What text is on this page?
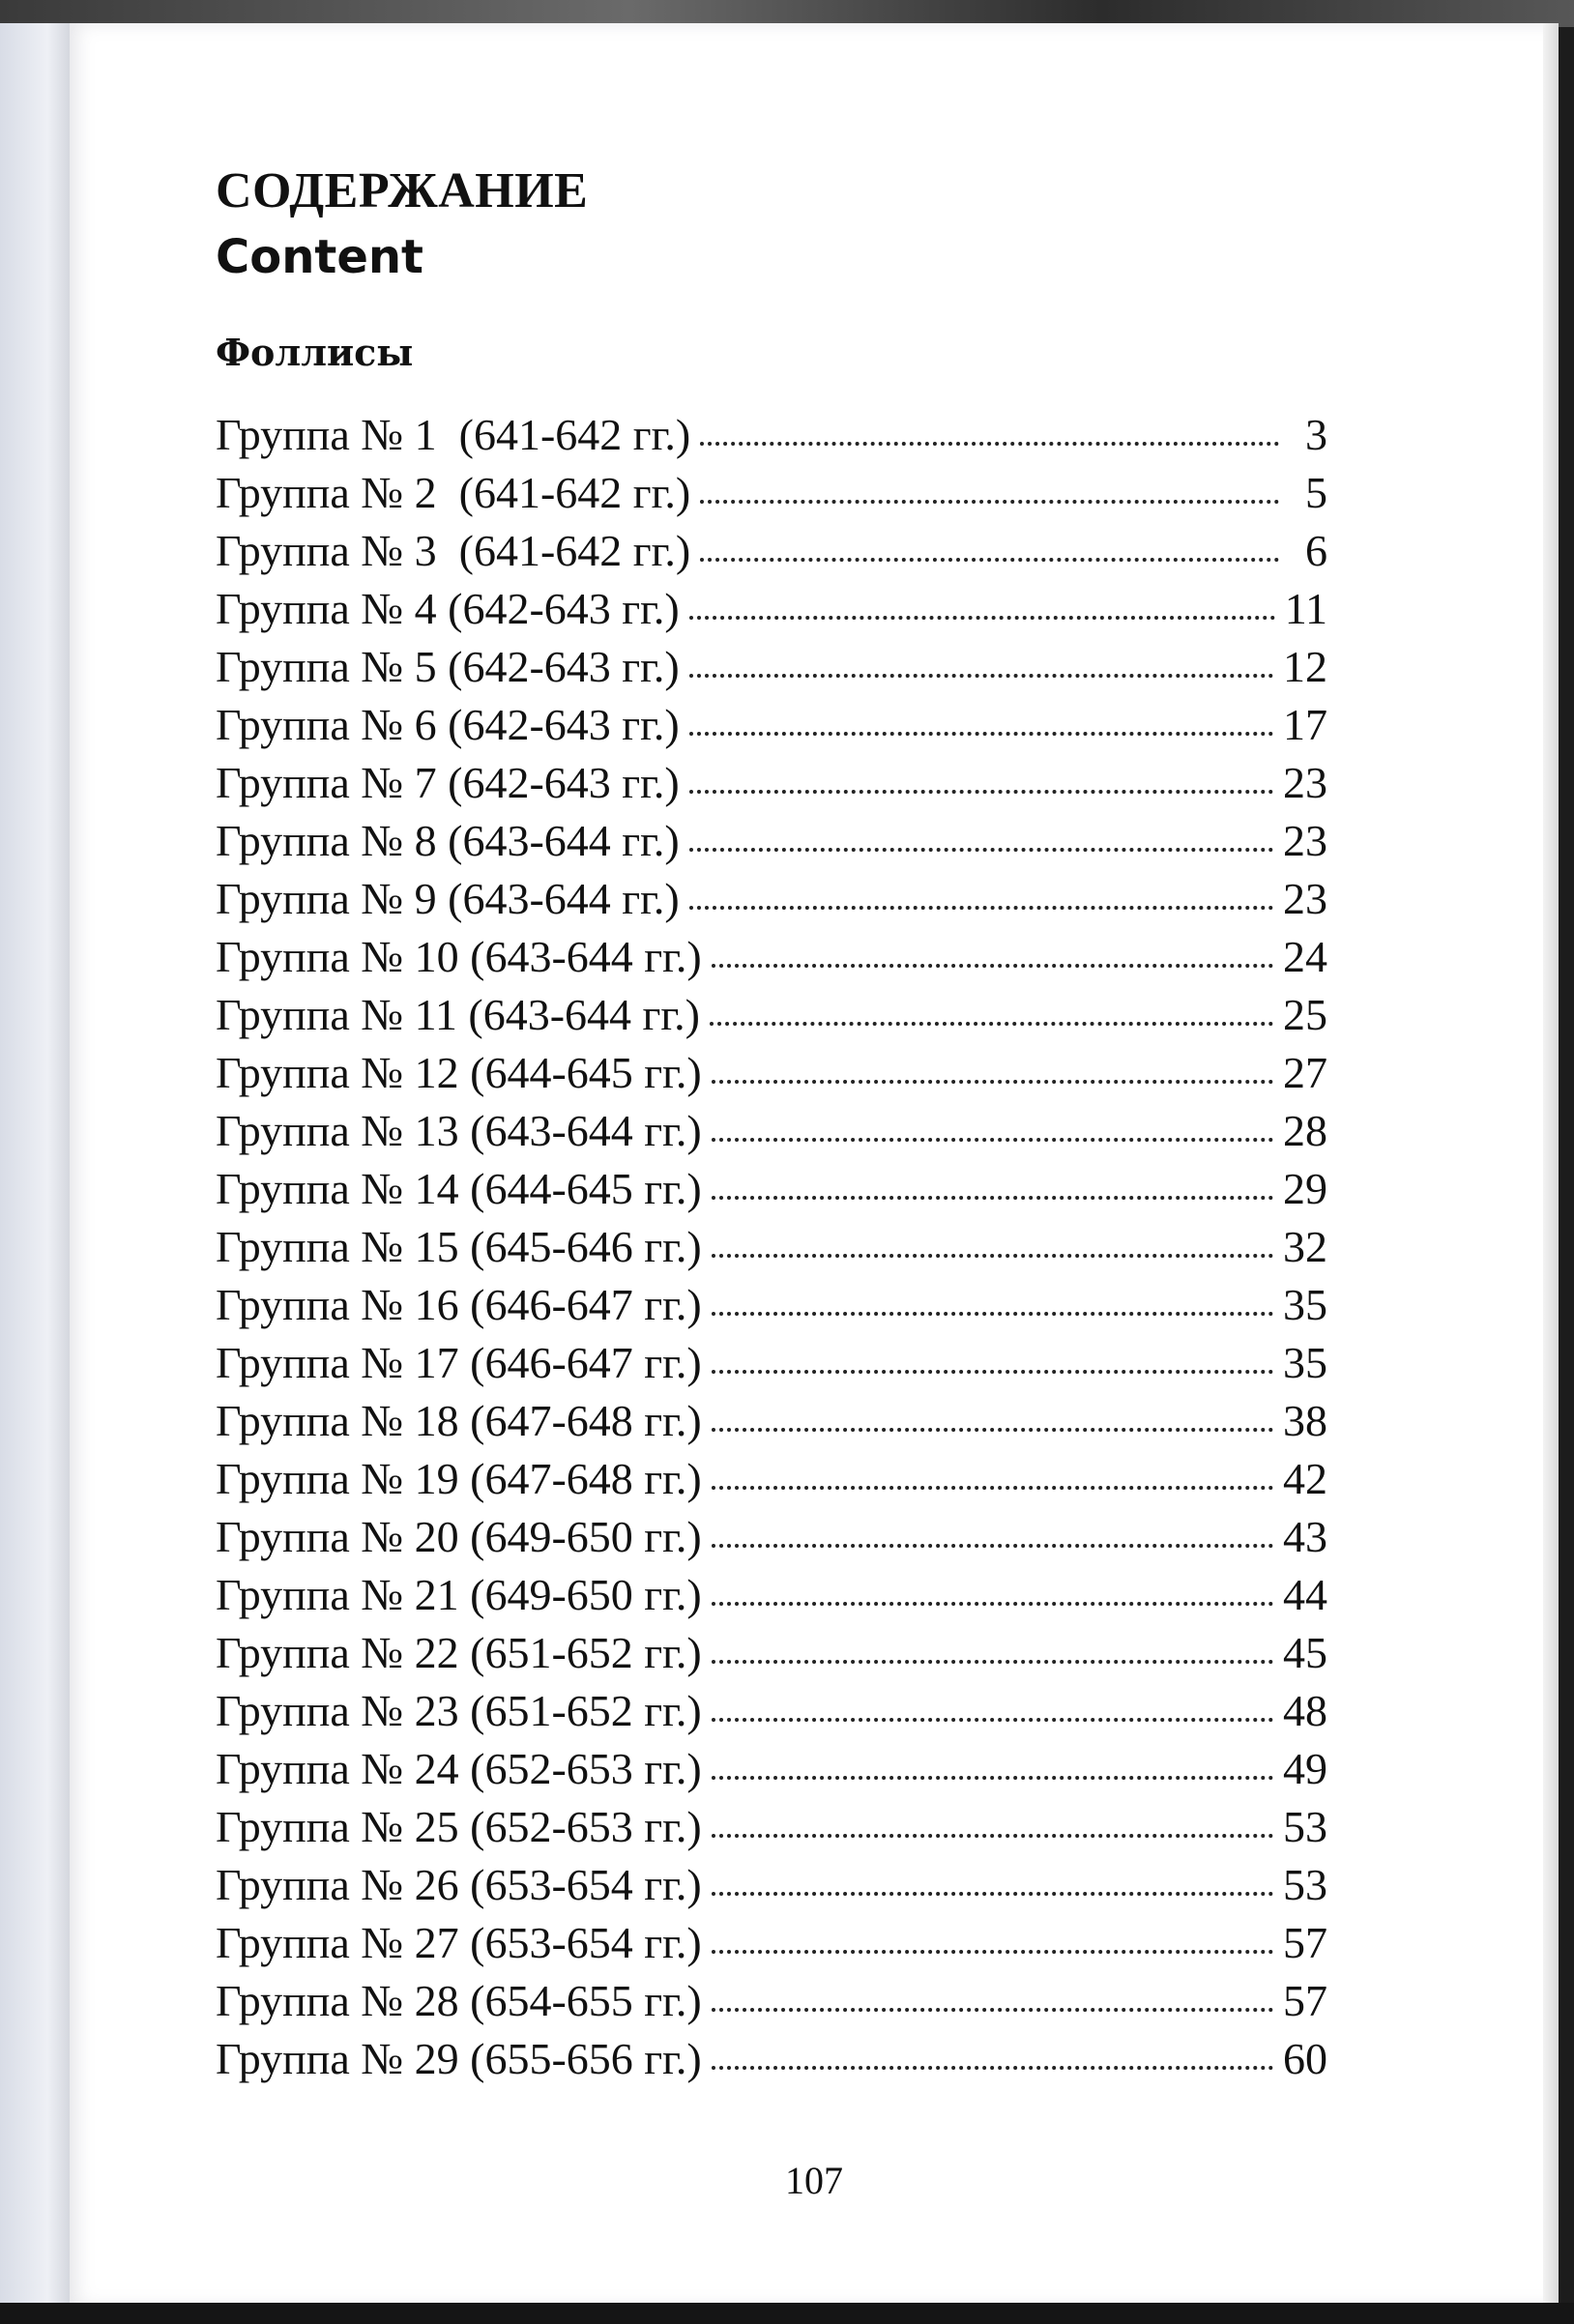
107
СОДЕРЖАНИЕ
Content
Фоллисы
Группа № 1  (641-642 гг.)	3
Группа № 2  (641-642 гг.)	5
Группа № 3  (641-642 гг.)	6
Группа № 4 (642-643 гг.)	11
Группа № 5 (642-643 гг.)	12
Группа № 6 (642-643 гг.)	17
Группа № 7 (642-643 гг.)	23
Группа № 8 (643-644 гг.)	23
Группа № 9 (643-644 гг.)	23
Группа № 10 (643-644 гг.)	24
Группа № 11 (643-644 гг.)	25
Группа № 12 (644-645 гг.)	27
Группа № 13 (643-644 гг.)	28
Группа № 14 (644-645 гг.)	29
Группа № 15 (645-646 гг.)	32
Группа № 16 (646-647 гг.)	35
Группа № 17 (646-647 гг.)	35
Группа № 18 (647-648 гг.)	38
Группа № 19 (647-648 гг.)	42
Группа № 20 (649-650 гг.)	43
Группа № 21 (649-650 гг.)	44
Группа № 22 (651-652 гг.)	45
Группа № 23 (651-652 гг.)	48
Группа № 24 (652-653 гг.)	49
Группа № 25 (652-653 гг.)	53
Группа № 26 (653-654 гг.)	53
Группа № 27 (653-654 гг.)	57
Группа № 28 (654-655 гг.)	57
Группа № 29 (655-656 гг.)	60
